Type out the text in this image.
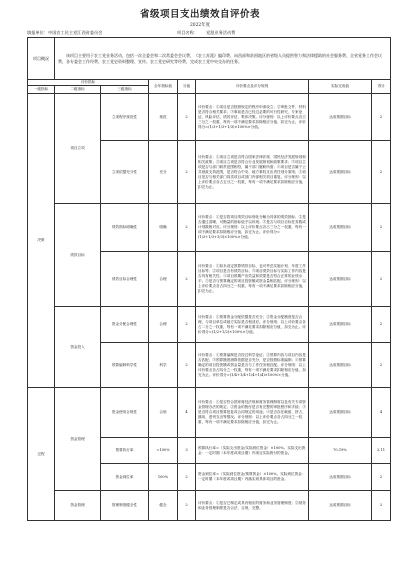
省级项目支出绩效自评价表
2022年度
填报单位：中国农工民主党江西省委员会	项目名称： 党派业务活动费
项目概况	该项目主要用于农工党业务活动，包括一次全委会和二次常委会会议费、《农工苏派》编印费、向西部和贫困地区的省级人员提供智力和法律援助的社会服务费、全省党务工作会议费、各专委会工作经费、农工党史资料整理、宣传、农工党史研究等经费，完成农工党中央交办的任务。						
评价指标			全年指标值	分值	评价要点及评分规则	实际完成值	得分
一级指标	二级指标	三级指标					
决策	项目立项	立项程序规范性	规范	2	评价要点：①项目是否按照规定的程序申请设立；②审批文件、材料是否符合相关要求；③事前是否已经过必要的可行性研究、专家论证、风险评估、绩效评估、集体决策。评分规则：以上评价要点各占三分之一权重，每有一项不满足要求扣除相应分值，扣完为止。评价得分=(1/3+1/3+1/3)×100%×分值。	达成预期目标	2
		立项依据充分性	充分	2	评价要点：①项目立项是否符合国家法律法规、国民经济发展规划和相关政策；②项目立项是否符合行业发展规划和政策要求；③项目立项是否与部门职责范围相符，属于部门履职所需；④项目是否属于公共财政支持范围，是否符合中央、地方事权支出责任划分原则；⑤项目是否与相关部门同类项目或部门内部相关项目重复。评分规则：以上评价要点各占五分之一权重，每有一项不满足要求扣除相应分值，扣完为止。	达成预期目标	2
	绩效目标	绩效指标明确性	明确	2	评价要点：①是否将项目绩效目标细化分解为具体的绩效指标；②是否通过清晰、可衡量的指标值予以体现；③是否与项目目标任务数或计划数相对应。评分规则：以上评价要点各占三分之一权重，每有一项不满足要求扣除相应分值，扣完为止。评价得分=(1/3+1/3+1/3)×100%×分值。	达成预期目标	2
		绩效目标合理性	合理	2	评价要点：①如未设定预算绩效目标，也可考虑实施计划、年度工作目标等；②项目是否有绩效目标；③项目绩效目标与实际工作内容是否具有相关性；④项目预期产出效益和效果是否符合正常的业绩水平；⑤是否与预算确定的项目投资额或资金量相匹配。评分规则：以上评价要点各占四分之一权重，每有一项不满足要求扣除相应分值，扣完为止。	达成预期目标	2
	资金投入	资金分配合理性	合理	2	评价要点：①预算资金分配依据是否充分；②资金分配额度是否合理，与项目单位或地方实际是否相适应。评分规则：以上评价要点各占二分之一权重，每有一项不满足要求扣除相应分值，扣完为止。评价得分=(1/2+1/2)×100%×分值。	达成预期目标	2
		预算编制科学性	科学	2	评价要点：①预算编制是否经过科学论证；②预算内容与项目内容是否匹配；③预算额度测算依据是否充分，是否按照标准编制；④预算确定的项目投资额或资金量是否与工作任务相匹配。评分规则：以上评价要点各占四分之一权重，每有一项不满足要求扣除相应分值，扣完为止。评价得分=(1/4+1/4+1/4+1/4)×100%×分值。	达成预期目标	2
过程	资金管理	资金使用合规性	合规	4	评价要点：①是否符合国家财经法规和财务管理制度以及有关专项资金管理办法的规定；②资金的拨付是否有完整的审批程序和手续；③是否符合项目预算批复或合同规定的用途；④是否存在截留、挤占、挪用、虚列支出等情况。评分规则：以上评价要点各占四分之一权重，每有一项不满足要求扣除相应分值，扣完为止。	达成预期目标	4
		预算执行率	=100%	3	预算执行率=（实际支出资金/实际到位资金）×100%。实际支出资金：一定时期（本年度或项目期）内项目实际拨付的资金。	70.19%	2.11
		资金到位率	100%	2	资金到位率=（实际到位资金/预算资金）×100%。实际到位资金：一定时期（本年度或项目期）内落实到具体项目的资金。	达成预期目标	2
	资金管理	管理制度健全性	健全	2	评价要点：①是否已制定或具有相应的财务和业务管理制度；②财务和业务管理制度是否合法、合规、完整。	达成预期目标	2
